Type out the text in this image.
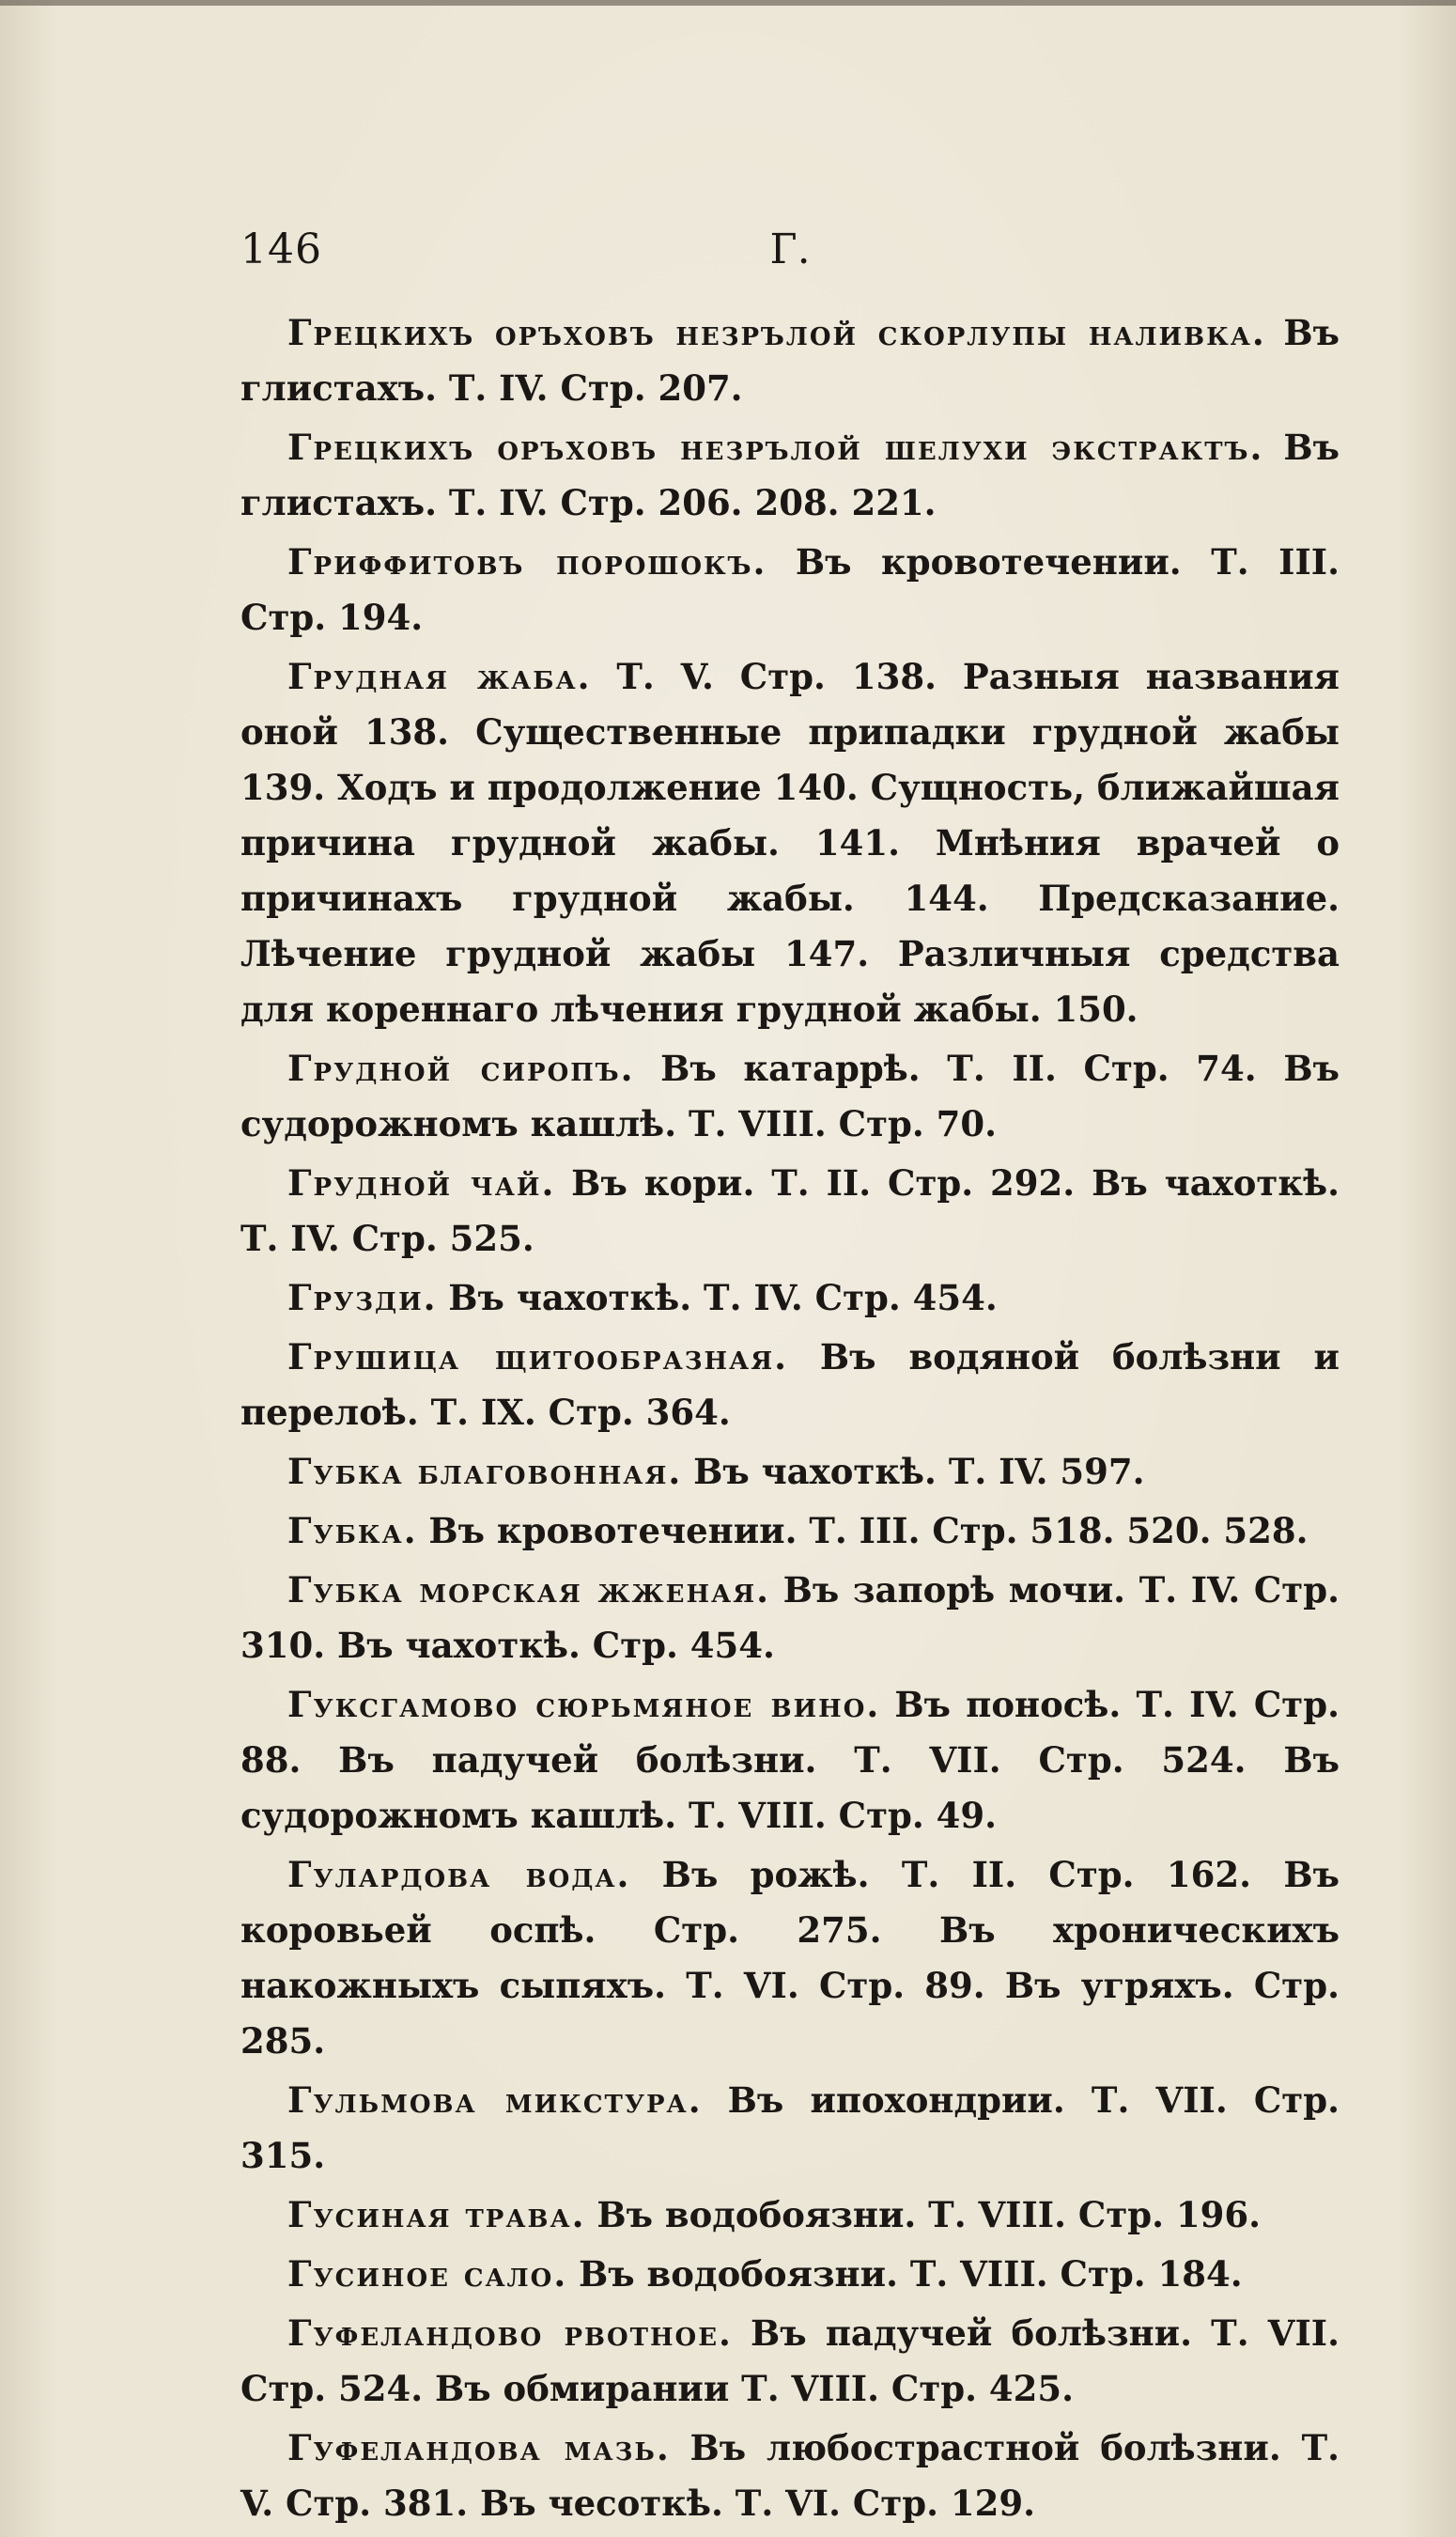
146	Г.

Грецкихъ оръховъ незрълой скорлупы наливка. Въ глистахъ. Т. IV. Стр. 207.

Грецкихъ оръховъ незрълой шелухи экстрактъ. Въ глистахъ. Т. IV. Стр. 206. 208. 221.

Гриффитовъ порошокъ. Въ кровотечении. Т. III. Стр. 194.

Грудная жаба. Т. V. Стр. 138. Разныя названия оной 138. Существенные припадки грудной жабы 139. Ходъ и продолжение 140. Сущность, ближайшая причина грудной жабы. 141. Мнѣния врачей о причинахъ грудной жабы. 144. Предсказание. Лѣчение грудной жабы 147. Различныя средства для кореннаго лѣчения грудной жабы. 150.

Грудной сиропъ. Въ катаррѣ. Т. II. Стр. 74. Въ судорожномъ кашлѣ. Т. VIII. Стр. 70.

Грудной чай. Въ кори. Т. II. Стр. 292. Въ чахоткѣ. Т. IV. Стр. 525.

Грузди. Въ чахоткѣ. Т. IV. Стр. 454.

Грушица щитообразная. Въ водяной болѣзни и перелоѣ. Т. IX. Стр. 364.

Губка благовонная. Въ чахоткѣ. Т. IV. 597.

Губка. Въ кровотечении. Т. III. Стр. 518. 520. 528.

Губка морская жженая. Въ запорѣ мочи. Т. IV. Стр. 310. Въ чахоткѣ. Стр. 454.

Гуксгамово сюрьмяное вино. Въ поносѣ. Т. IV. Стр. 88. Въ падучей болѣзни. Т. VII. Стр. 524. Въ судорожномъ кашлѣ. Т. VIII. Стр. 49.

Гулардова вода. Въ рожѣ. Т. II. Стр. 162. Въ коровьей оспѣ. Стр. 275. Въ хроническихъ накожныхъ сыпяхъ. Т. VI. Стр. 89. Въ угряхъ. Стр. 285.

Гульмова микстура. Въ ипохондрии. Т. VII. Стр. 315.

Гусиная трава. Въ водобоязни. Т. VIII. Стр. 196.

Гусиное сало. Въ водобоязни. Т. VIII. Стр. 184.

Гуфеландово рвотное. Въ падучей болѣзни. Т. VII. Стр. 524. Въ обмирании Т. VIII. Стр. 425.

Гуфеландова мазь. Въ любострастной болѣзни. Т. V. Стр. 381. Въ чесоткѣ. Т. VI. Стр. 129.
